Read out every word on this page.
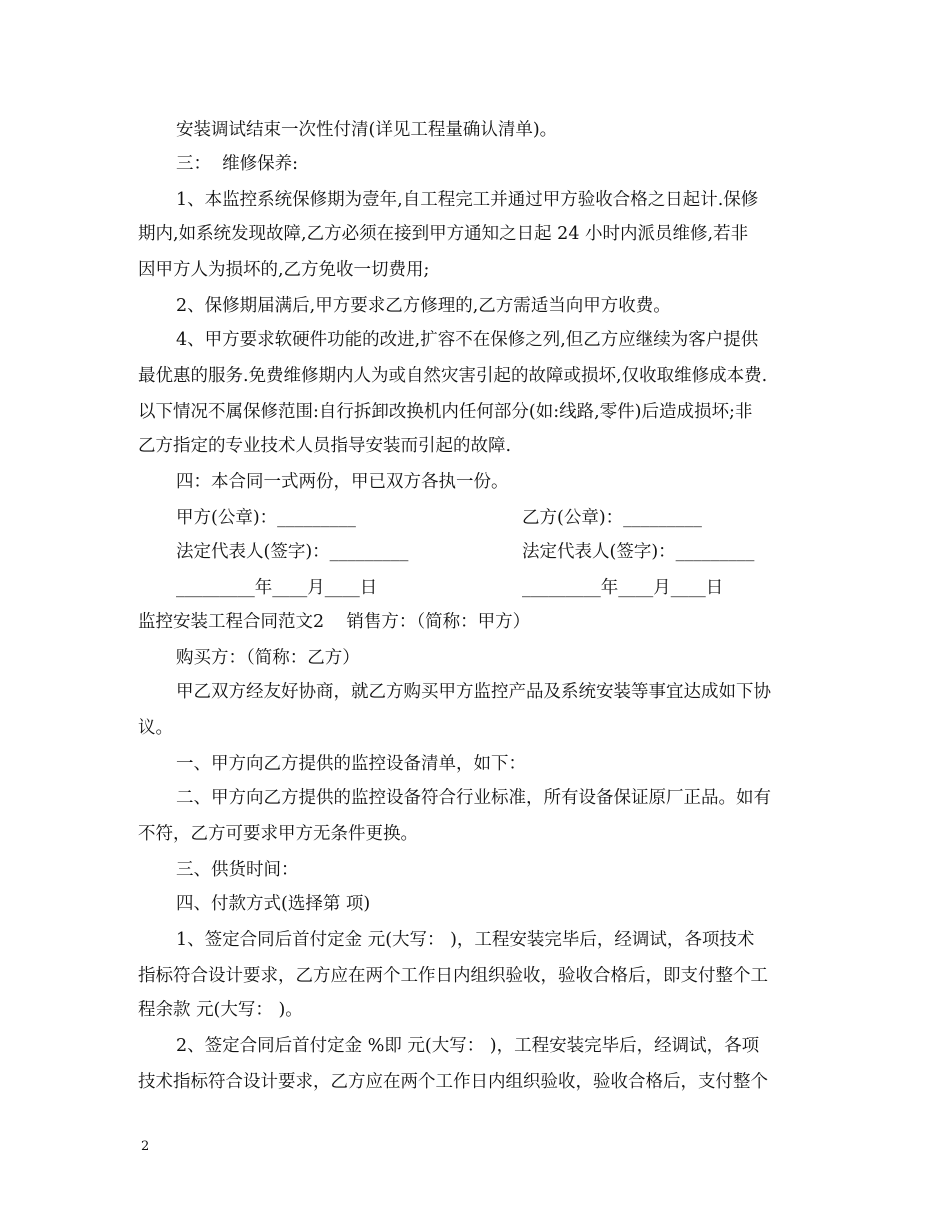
安装调试结束一次性付清(详见工程量确认清单)。
三：  维修保养:
1、本监控系统保修期为壹年,自工程完工并通过甲方验收合格之日起计.保修
期内,如系统发现故障,乙方必须在接到甲方通知之日起 24 小时内派员维修,若非
因甲方人为损坏的,乙方免收一切费用;
2、保修期届满后,甲方要求乙方修理的,乙方需适当向甲方收费。
4、甲方要求软硬件功能的改进,扩容不在保修之列,但乙方应继续为客户提供
最优惠的服务.免费维修期内人为或自然灾害引起的故障或损坏,仅收取维修成本费.
以下情况不属保修范围:自行拆卸改换机内任何部分(如:线路,零件)后造成损坏;非
乙方指定的专业技术人员指导安装而引起的故障.
四：本合同一式两份，甲已双方各执一份。
甲方(公章)：_________	乙方(公章)：_________
法定代表人(签字)：_________	法定代表人(签字)：_________
_________年____月____日	_________年____月____日
监控安装工程合同范文2    销售方：（简称：甲方）
购买方：（简称：乙方）
甲乙双方经友好协商，就乙方购买甲方监控产品及系统安装等事宜达成如下协
议。
一、甲方向乙方提供的监控设备清单，如下：
二、甲方向乙方提供的监控设备符合行业标准，所有设备保证原厂正品。如有
不符，乙方可要求甲方无条件更换。
三、供货时间：
四、付款方式(选择第 项)
1、签定合同后首付定金 元(大写： )，工程安装完毕后，经调试，各项技术
指标符合设计要求，乙方应在两个工作日内组织验收，验收合格后，即支付整个工
程余款 元(大写： )。
2、签定合同后首付定金 %即 元(大写： )，工程安装完毕后，经调试，各项
技术指标符合设计要求，乙方应在两个工作日内组织验收，验收合格后，支付整个
2
